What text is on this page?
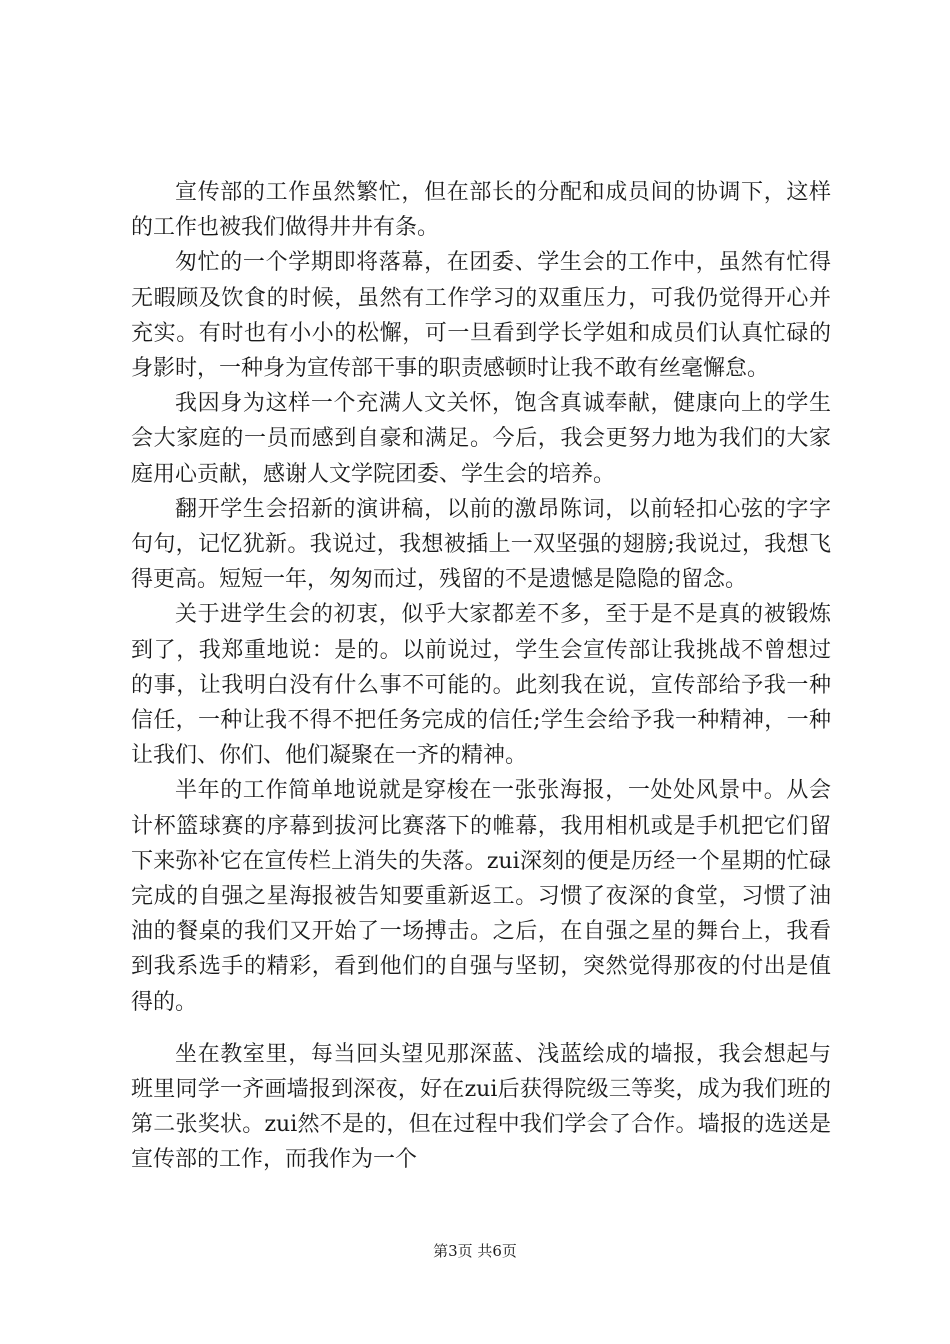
宣传部的工作虽然繁忙，但在部长的分配和成员间的协调下，这样的工作也被我们做得井井有条。

匆忙的一个学期即将落幕，在团委、学生会的工作中，虽然有忙得无暇顾及饮食的时候，虽然有工作学习的双重压力，可我仍觉得开心并充实。有时也有小小的松懈，可一旦看到学长学姐和成员们认真忙碌的身影时，一种身为宣传部干事的职责感顿时让我不敢有丝毫懈怠。

我因身为这样一个充满人文关怀，饱含真诚奉献，健康向上的学生会大家庭的一员而感到自豪和满足。今后，我会更努力地为我们的大家庭用心贡献，感谢人文学院团委、学生会的培养。

翻开学生会招新的演讲稿，以前的激昂陈词，以前轻扣心弦的字字句句，记忆犹新。我说过，我想被插上一双坚强的翅膀;我说过，我想飞得更高。短短一年，匆匆而过，残留的不是遗憾是隐隐的留念。

关于进学生会的初衷，似乎大家都差不多，至于是不是真的被锻炼到了，我郑重地说：是的。以前说过，学生会宣传部让我挑战不曾想过的事，让我明白没有什么事不可能的。此刻我在说，宣传部给予我一种信任，一种让我不得不把任务完成的信任;学生会给予我一种精神，一种让我们、你们、他们凝聚在一齐的精神。

半年的工作简单地说就是穿梭在一张张海报，一处处风景中。从会计杯篮球赛的序幕到拔河比赛落下的帷幕，我用相机或是手机把它们留下来弥补它在宣传栏上消失的失落。zui深刻的便是历经一个星期的忙碌完成的自强之星海报被告知要重新返工。习惯了夜深的食堂，习惯了油油的餐桌的我们又开始了一场搏击。之后，在自强之星的舞台上，我看到我系选手的精彩，看到他们的自强与坚韧，突然觉得那夜的付出是值得的。

坐在教室里，每当回头望见那深蓝、浅蓝绘成的墙报，我会想起与班里同学一齐画墙报到深夜，好在zui后获得院级三等奖，成为我们班的第二张奖状。zui然不是的，但在过程中我们学会了合作。墙报的选送是宣传部的工作，而我作为一个

第3页 共6页
